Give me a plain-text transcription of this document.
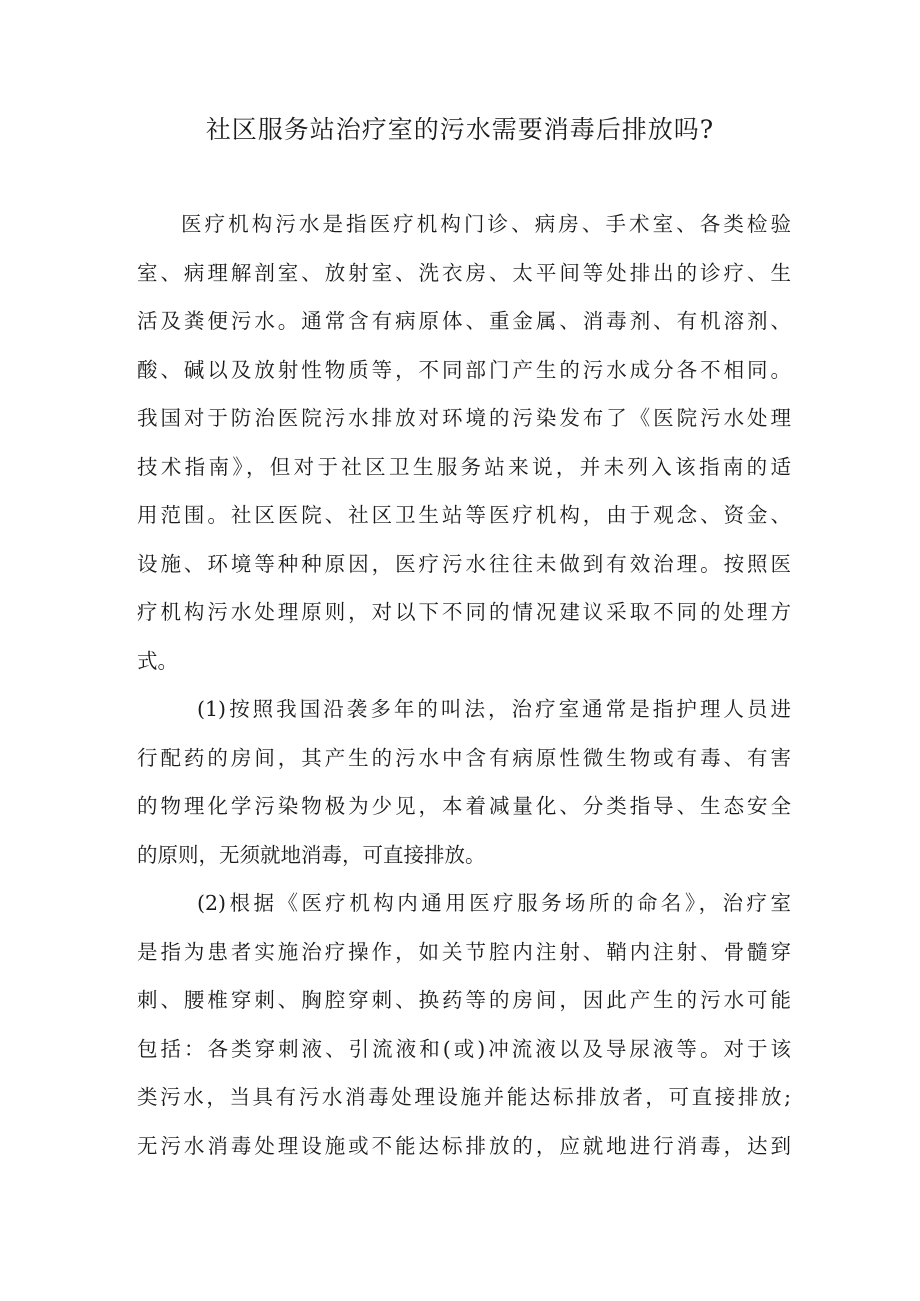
社区服务站治疗室的污水需要消毒后排放吗?

医疗机构污水是指医疗机构门诊、病房、手术室、各类检验
室、病理解剖室、放射室、洗衣房、太平间等处排出的诊疗、生
活及粪便污水。通常含有病原体、重金属、消毒剂、有机溶剂、
酸、碱以及放射性物质等，不同部门产生的污水成分各不相同。
我国对于防治医院污水排放对环境的污染发布了《医院污水处理
技术指南》，但对于社区卫生服务站来说，并未列入该指南的适
用范围。社区医院、社区卫生站等医疗机构，由于观念、资金、
设施、环境等种种原因，医疗污水往往未做到有效治理。按照医
疗机构污水处理原则，对以下不同的情况建议采取不同的处理方
式。

(1)按照我国沿袭多年的叫法，治疗室通常是指护理人员进
行配药的房间，其产生的污水中含有病原性微生物或有毒、有害
的物理化学污染物极为少见，本着减量化、分类指导、生态安全
的原则，无须就地消毒，可直接排放。

(2)根据《医疗机构内通用医疗服务场所的命名》，治疗室
是指为患者实施治疗操作，如关节腔内注射、鞘内注射、骨髓穿
刺、腰椎穿刺、胸腔穿刺、换药等的房间，因此产生的污水可能
包括：各类穿刺液、引流液和(或)冲流液以及导尿液等。对于该
类污水，当具有污水消毒处理设施并能达标排放者，可直接排放;
无污水消毒处理设施或不能达标排放的，应就地进行消毒，达到
